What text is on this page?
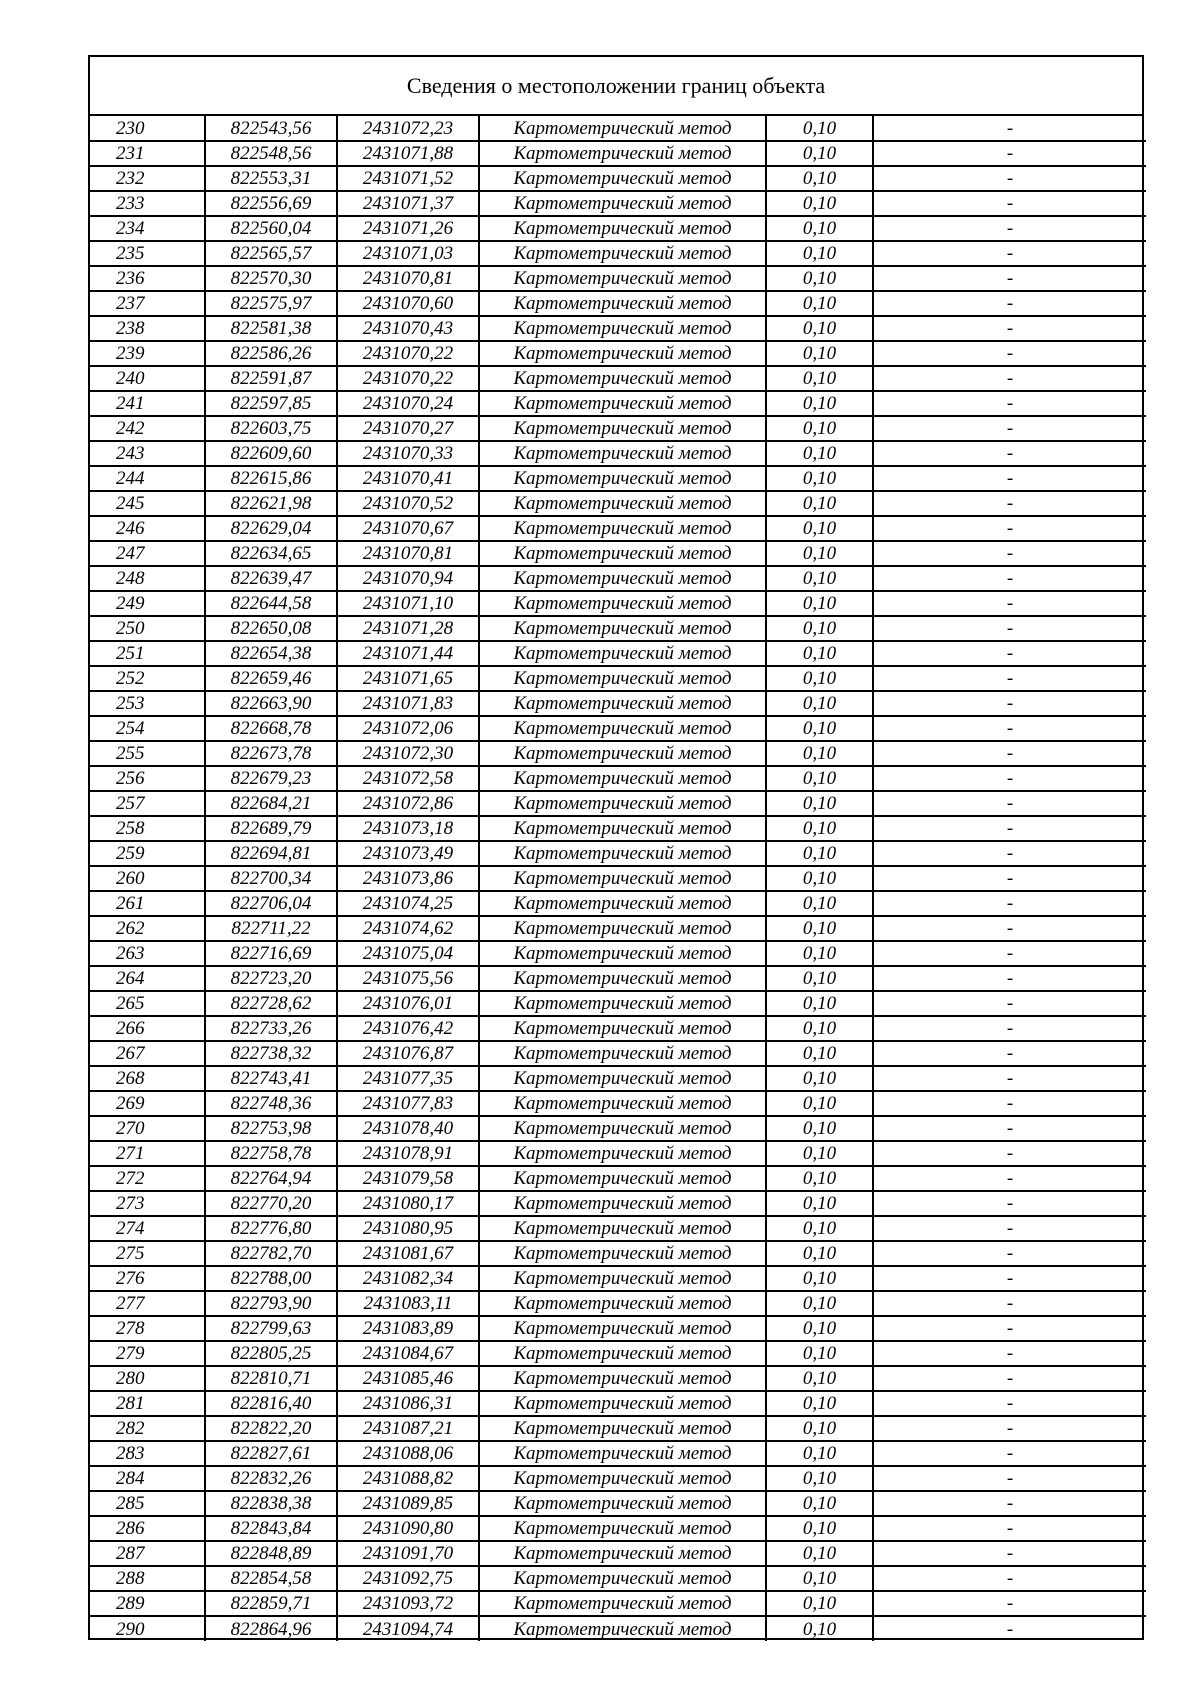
Сведения о местоположении границ объекта
230	822543,56	2431072,23	Картометрический метод	0,10	-
231	822548,56	2431071,88	Картометрический метод	0,10	-
232	822553,31	2431071,52	Картометрический метод	0,10	-
233	822556,69	2431071,37	Картометрический метод	0,10	-
234	822560,04	2431071,26	Картометрический метод	0,10	-
235	822565,57	2431071,03	Картометрический метод	0,10	-
236	822570,30	2431070,81	Картометрический метод	0,10	-
237	822575,97	2431070,60	Картометрический метод	0,10	-
238	822581,38	2431070,43	Картометрический метод	0,10	-
239	822586,26	2431070,22	Картометрический метод	0,10	-
240	822591,87	2431070,22	Картометрический метод	0,10	-
241	822597,85	2431070,24	Картометрический метод	0,10	-
242	822603,75	2431070,27	Картометрический метод	0,10	-
243	822609,60	2431070,33	Картометрический метод	0,10	-
244	822615,86	2431070,41	Картометрический метод	0,10	-
245	822621,98	2431070,52	Картометрический метод	0,10	-
246	822629,04	2431070,67	Картометрический метод	0,10	-
247	822634,65	2431070,81	Картометрический метод	0,10	-
248	822639,47	2431070,94	Картометрический метод	0,10	-
249	822644,58	2431071,10	Картометрический метод	0,10	-
250	822650,08	2431071,28	Картометрический метод	0,10	-
251	822654,38	2431071,44	Картометрический метод	0,10	-
252	822659,46	2431071,65	Картометрический метод	0,10	-
253	822663,90	2431071,83	Картометрический метод	0,10	-
254	822668,78	2431072,06	Картометрический метод	0,10	-
255	822673,78	2431072,30	Картометрический метод	0,10	-
256	822679,23	2431072,58	Картометрический метод	0,10	-
257	822684,21	2431072,86	Картометрический метод	0,10	-
258	822689,79	2431073,18	Картометрический метод	0,10	-
259	822694,81	2431073,49	Картометрический метод	0,10	-
260	822700,34	2431073,86	Картометрический метод	0,10	-
261	822706,04	2431074,25	Картометрический метод	0,10	-
262	822711,22	2431074,62	Картометрический метод	0,10	-
263	822716,69	2431075,04	Картометрический метод	0,10	-
264	822723,20	2431075,56	Картометрический метод	0,10	-
265	822728,62	2431076,01	Картометрический метод	0,10	-
266	822733,26	2431076,42	Картометрический метод	0,10	-
267	822738,32	2431076,87	Картометрический метод	0,10	-
268	822743,41	2431077,35	Картометрический метод	0,10	-
269	822748,36	2431077,83	Картометрический метод	0,10	-
270	822753,98	2431078,40	Картометрический метод	0,10	-
271	822758,78	2431078,91	Картометрический метод	0,10	-
272	822764,94	2431079,58	Картометрический метод	0,10	-
273	822770,20	2431080,17	Картометрический метод	0,10	-
274	822776,80	2431080,95	Картометрический метод	0,10	-
275	822782,70	2431081,67	Картометрический метод	0,10	-
276	822788,00	2431082,34	Картометрический метод	0,10	-
277	822793,90	2431083,11	Картометрический метод	0,10	-
278	822799,63	2431083,89	Картометрический метод	0,10	-
279	822805,25	2431084,67	Картометрический метод	0,10	-
280	822810,71	2431085,46	Картометрический метод	0,10	-
281	822816,40	2431086,31	Картометрический метод	0,10	-
282	822822,20	2431087,21	Картометрический метод	0,10	-
283	822827,61	2431088,06	Картометрический метод	0,10	-
284	822832,26	2431088,82	Картометрический метод	0,10	-
285	822838,38	2431089,85	Картометрический метод	0,10	-
286	822843,84	2431090,80	Картометрический метод	0,10	-
287	822848,89	2431091,70	Картометрический метод	0,10	-
288	822854,58	2431092,75	Картометрический метод	0,10	-
289	822859,71	2431093,72	Картометрический метод	0,10	-
290	822864,96	2431094,74	Картометрический метод	0,10	-
